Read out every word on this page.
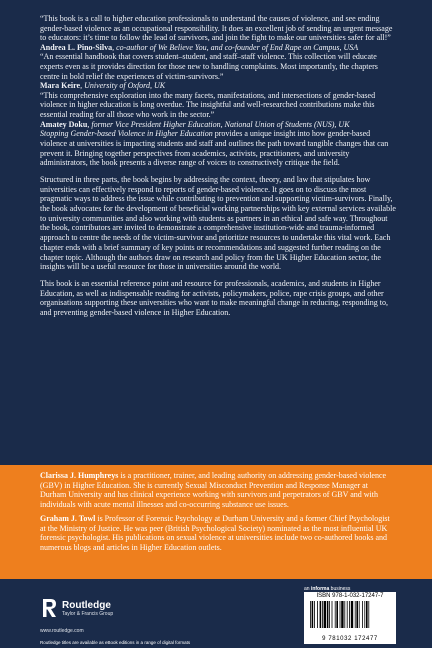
“This book is a call to higher education professionals to understand the causes of violence, and see ending gender-based violence as an occupational responsibility. It does an excellent job of sending an urgent message to educators: it’s time to follow the lead of survivors, and join the fight to make our universities safer for all!”

Andrea L. Pino-Silva, co-author of We Believe You, and co-founder of End Rape on Campus, USA

“An essential handbook that covers student–student, and staff–staff violence. This collection will educate experts even as it provides direction for those new to handling complaints. Most importantly, the chapters centre in bold relief the experiences of victim-survivors.”

Mara Keire, University of Oxford, UK

“This comprehensive exploration into the many facets, manifestations, and intersections of gender-based violence in higher education is long overdue. The insightful and well-researched contributions make this essential reading for all those who work in the sector.”

Amatey Doku, former Vice President Higher Education, National Union of Students (NUS), UK

Stopping Gender-based Violence in Higher Education provides a unique insight into how gender-based violence at universities is impacting students and staff and outlines the path toward tangible changes that can prevent it. Bringing together perspectives from academics, activists, practitioners, and university administrators, the book presents a diverse range of voices to constructively critique the field.

Structured in three parts, the book begins by addressing the context, theory, and law that stipulates how universities can effectively respond to reports of gender-based violence. It goes on to discuss the most pragmatic ways to address the issue while contributing to prevention and supporting victim-survivors. Finally, the book advocates for the development of beneficial working partnerships with key external services available to university communities and also working with students as partners in an ethical and safe way. Throughout the book, contributors are invited to demonstrate a comprehensive institution-wide and trauma-informed approach to centre the needs of the victim-survivor and prioritize resources to undertake this vital work. Each chapter ends with a brief summary of key points or recommendations and suggested further reading on the chapter topic. Although the authors draw on research and policy from the UK Higher Education sector, the insights will be a useful resource for those in universities around the world.

This book is an essential reference point and resource for professionals, academics, and students in Higher Education, as well as indispensable reading for activists, policymakers, police, rape crisis groups, and other organisations supporting these universities who want to make meaningful change in reducing, responding to, and preventing gender-based violence in Higher Education.

Clarissa J. Humphreys is a practitioner, trainer, and leading authority on addressing gender-based violence (GBV) in Higher Education. She is currently Sexual Misconduct Prevention and Response Manager at Durham University and has clinical experience working with survivors and perpetrators of GBV and with individuals with acute mental illnesses and co-occurring substance use issues.

Graham J. Towl is Professor of Forensic Psychology at Durham University and a former Chief Psychologist at the Ministry of Justice. He was peer (British Psychological Society) nominated as the most influential UK forensic psychologist. His publications on sexual violence at universities include two co-authored books and numerous blogs and articles in Higher Education outlets.

Routledge
Taylor & Francis Group
www.routledge.com
Routledge titles are available as eBook editions in a range of digital formats
an informa business
ISBN 978-1-032-17247-7
9 781032 172477
